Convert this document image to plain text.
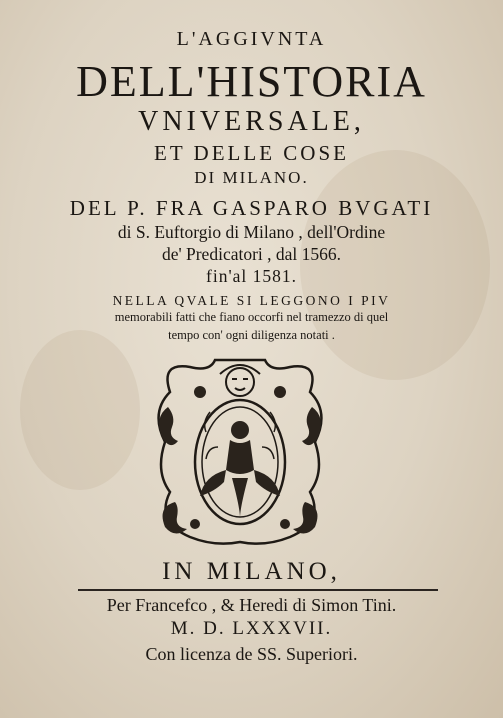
L'AGGIVNTA
DELL'HISTORIA
VNIVERSALE,
ET DELLE COSE
DI MILANO.
DEL P. FRA GASPARO BVGATI
di S. Euftorgio di Milano , dell'Ordine
de' Predicatori , dal 1566.
fin'al 1581.
NELLA QVALE SI LEGGONO I PIV
memorabili fatti che fiano occorfi nel tramezzo di quel
tempo con' ogni diligenza notati .
IN MILANO,
Per Francefco , & Heredi di Simon Tini.
M. D. LXXXVII.
Con licenza de SS. Superiori.
